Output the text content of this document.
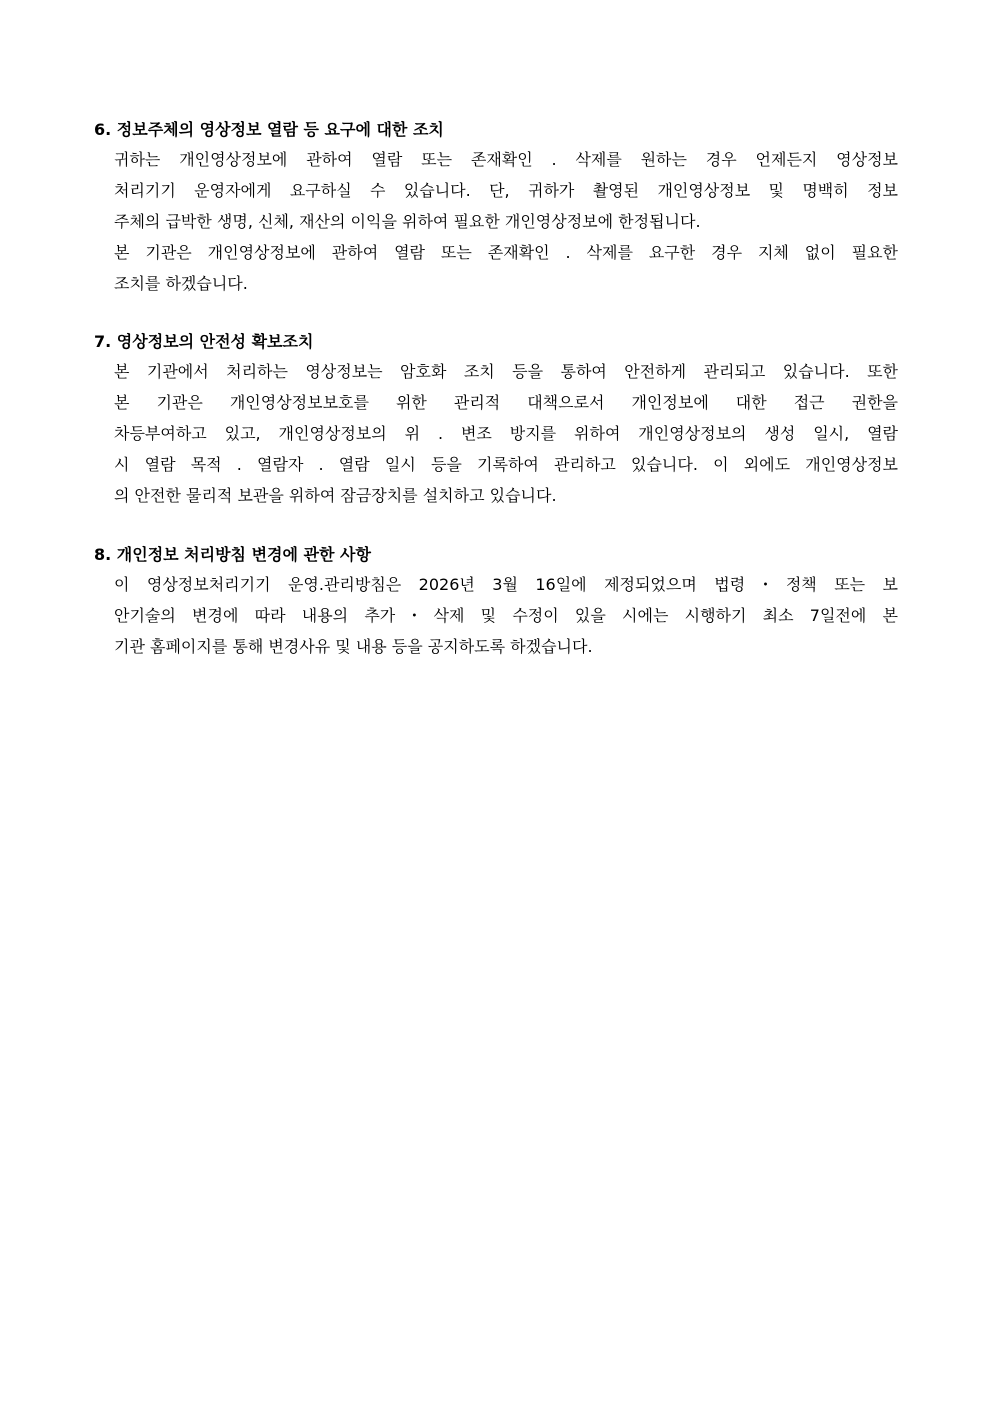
6. 정보주체의 영상정보 열람 등 요구에 대한 조치
귀하는 개인영상정보에 관하여 열람 또는 존재확인 . 삭제를 원하는 경우 언제든지 영상정보
처리기기 운영자에게 요구하실 수 있습니다. 단, 귀하가 촬영된 개인영상정보 및 명백히 정보
주체의 급박한 생명, 신체, 재산의 이익을 위하여 필요한 개인영상정보에 한정됩니다.
본 기관은 개인영상정보에 관하여 열람 또는 존재확인 . 삭제를 요구한 경우 지체 없이 필요한
조치를 하겠습니다.
7. 영상정보의 안전성 확보조치
본 기관에서 처리하는 영상정보는 암호화 조치 등을 통하여 안전하게 관리되고 있습니다. 또한
본 기관은 개인영상정보보호를 위한 관리적 대책으로서 개인정보에 대한 접근 권한을
차등부여하고 있고, 개인영상정보의 위 . 변조 방지를 위하여 개인영상정보의 생성 일시, 열람
시 열람 목적 . 열람자 . 열람 일시 등을 기록하여 관리하고 있습니다. 이 외에도 개인영상정보
의 안전한 물리적 보관을 위하여 잠금장치를 설치하고 있습니다.
8. 개인정보 처리방침 변경에 관한 사항
이 영상정보처리기기 운영.관리방침은 2026년 3월 16일에 제정되었으며 법령・정책 또는 보
안기술의 변경에 따라 내용의 추가・삭제 및 수정이 있을 시에는 시행하기 최소 7일전에 본
기관 홈페이지를 통해 변경사유 및 내용 등을 공지하도록 하겠습니다.
